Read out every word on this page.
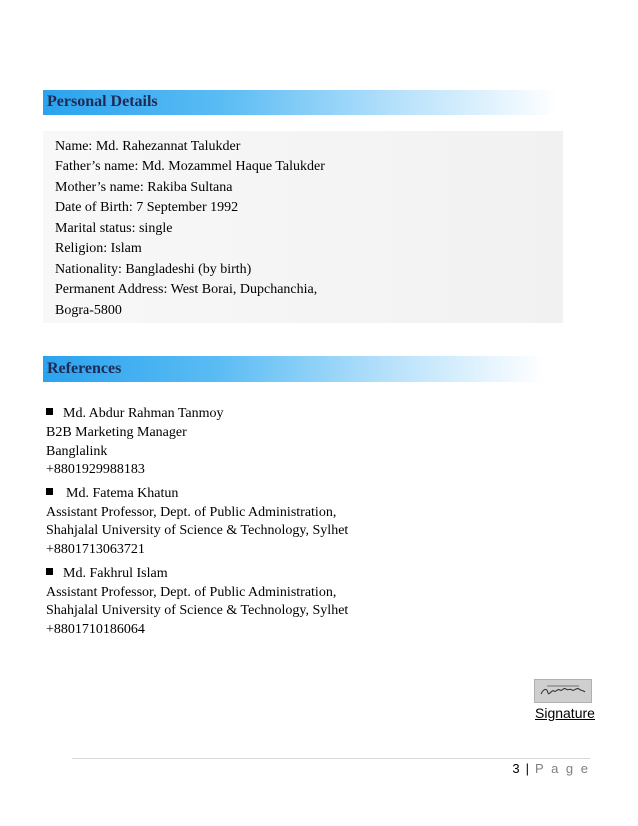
Personal Details
Name: Md. Rahezannat Talukder
Father’s name: Md. Mozammel Haque Talukder
Mother’s name: Rakiba Sultana
Date of Birth: 7 September 1992
Marital status: single
Religion: Islam
Nationality: Bangladeshi (by birth)
Permanent Address: West Borai, Dupchanchia,
Bogra-5800
References
Md. Abdur Rahman Tanmoy
B2B Marketing Manager
Banglalink
+8801929988183
Md. Fatema Khatun
Assistant Professor, Dept. of Public Administration,
Shahjalal University of Science & Technology, Sylhet
+8801713063721
Md. Fakhrul Islam
Assistant Professor, Dept. of Public Administration,
Shahjalal University of Science & Technology, Sylhet
+8801710186064
Signature
3 | P a g e
